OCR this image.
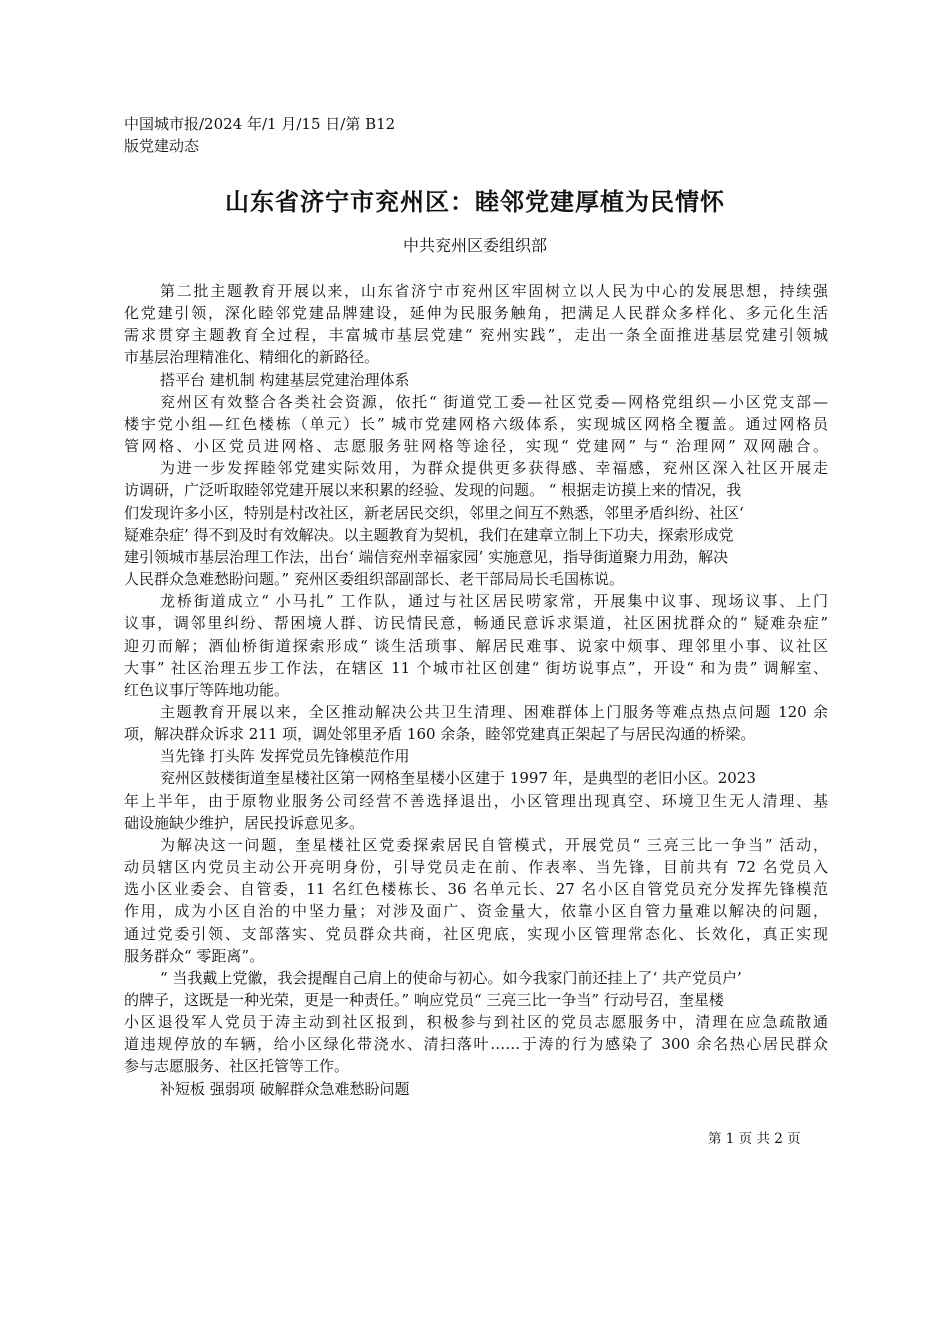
中国城市报/2024 年/1 月/15 日/第 B12
版党建动态
山东省济宁市兖州区：睦邻党建厚植为民情怀
中共兖州区委组织部
第二批主题教育开展以来，山东省济宁市兖州区牢固树立以人民为中心的发展思想，持续强
化党建引领，深化睦邻党建品牌建设，延伸为民服务触角，把满足人民群众多样化、多元化生活
需求贯穿主题教育全过程，丰富城市基层党建“ 兖州实践”，走出一条全面推进基层党建引领城
市基层治理精准化、精细化的新路径。
搭平台 建机制 构建基层党建治理体系
兖州区有效整合各类社会资源，依托“ 街道党工委—社区党委—网格党组织—小区党支部—
楼宇党小组—红色楼栋（单元）长” 城市党建网格六级体系，实现城区网格全覆盖。通过网格员
管网格、小区党员进网格、志愿服务驻网格等途径，实现“ 党建网” 与“ 治理网” 双网融合。
为进一步发挥睦邻党建实际效用，为群众提供更多获得感、幸福感，兖州区深入社区开展走
访调研，广泛听取睦邻党建开展以来积累的经验、发现的问题。 “ 根据走访摸上来的情况，我
们发现许多小区，特别是村改社区，新老居民交织，邻里之间互不熟悉，邻里矛盾纠纷、社区‘
疑难杂症’ 得不到及时有效解决。以主题教育为契机，我们在建章立制上下功夫，探索形成党
建引领城市基层治理工作法，出台‘ 端信兖州幸福家园’ 实施意见，指导街道聚力用劲，解决
人民群众急难愁盼问题。” 兖州区委组织部副部长、老干部局局长毛国栋说。
龙桥街道成立“ 小马扎” 工作队，通过与社区居民唠家常，开展集中议事、现场议事、上门
议事，调邻里纠纷、帮困境人群、访民情民意，畅通民意诉求渠道，社区困扰群众的“ 疑难杂症”
迎刃而解；酒仙桥街道探索形成“ 谈生活琐事、解居民难事、说家中烦事、理邻里小事、议社区
大事” 社区治理五步工作法，在辖区 11 个城市社区创建“ 街坊说事点”，开设“ 和为贵” 调解室、
红色议事厅等阵地功能。
主题教育开展以来，全区推动解决公共卫生清理、困难群体上门服务等难点热点问题 120 余
项，解决群众诉求 211 项，调处邻里矛盾 160 余条，睦邻党建真正架起了与居民沟通的桥梁。
当先锋 打头阵 发挥党员先锋模范作用
兖州区鼓楼街道奎星楼社区第一网格奎星楼小区建于 1997 年，是典型的老旧小区。2023
年上半年，由于原物业服务公司经营不善选择退出，小区管理出现真空、环境卫生无人清理、基
础设施缺少维护，居民投诉意见多。
为解决这一问题，奎星楼社区党委探索居民自管模式，开展党员“ 三亮三比一争当” 活动，
动员辖区内党员主动公开亮明身份，引导党员走在前、作表率、当先锋，目前共有 72 名党员入
选小区业委会、自管委，11 名红色楼栋长、36 名单元长、27 名小区自管党员充分发挥先锋模范
作用，成为小区自治的中坚力量；对涉及面广、资金量大，依靠小区自管力量难以解决的问题，
通过党委引领、支部落实、党员群众共商，社区兜底，实现小区管理常态化、长效化，真正实现
服务群众“ 零距离”。
“ 当我戴上党徽，我会提醒自己肩上的使命与初心。如今我家门前还挂上了‘ 共产党员户’
的牌子，这既是一种光荣，更是一种责任。” 响应党员“ 三亮三比一争当” 行动号召，奎星楼
小区退役军人党员于涛主动到社区报到，积极参与到社区的党员志愿服务中，清理在应急疏散通
道违规停放的车辆，给小区绿化带浇水、清扫落叶……于涛的行为感染了 300 余名热心居民群众
参与志愿服务、社区托管等工作。
补短板 强弱项 破解群众急难愁盼问题
第 1 页 共 2 页
